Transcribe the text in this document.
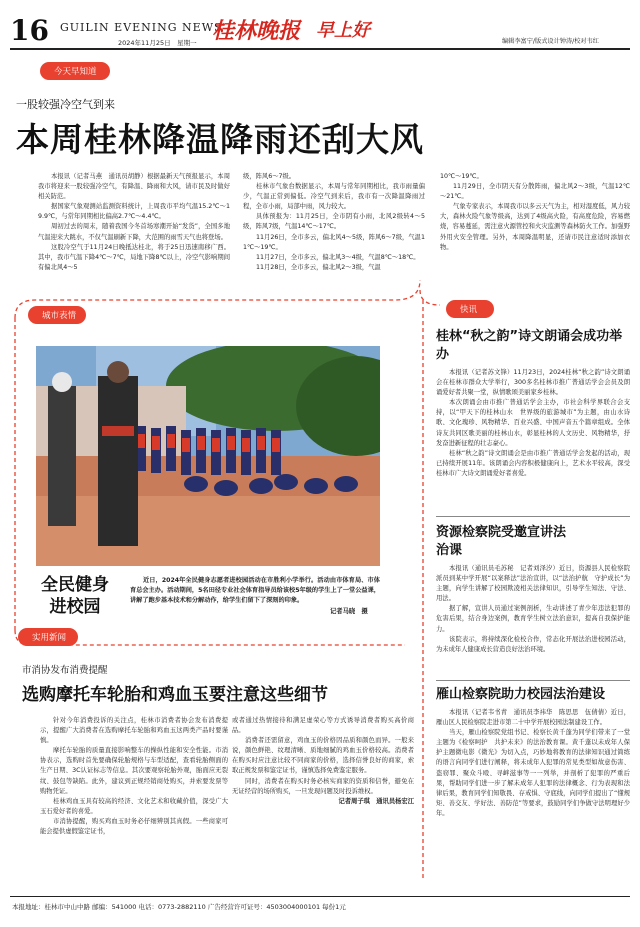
16 GUILIN EVENING NEWS
2024年11月25日　星期一 桂林晚报 早上好
编辑李富宁/版式设计钟涛/校对韦红
今天早知道
一股较强冷空气到来
本周桂林降温降雨还刮大风
本报讯（记者马燕　通讯员胡静）根据最新天气预报显示，本周我市将迎来一股较强冷空气，有降温、降雨和大风，请市民及时做好相关防范。
据国家气象观测站监测资料统计，上周我市平均气温15.2℃～19.9℃，与常年同期相比偏高2.7℃～4.4℃。
周初过去的周末，随着我国今冬首场寒潮开始“发货”，全国多地气温迎来大跳水，不仅气温刷新下降，大范围的雨雪天气也将登场。
这股冷空气于11月24日晚抵达桂北，将于25日迅速南移广西。其中，我市气温下降4℃～7℃，局地下降8℃以上，冷空气影响期间有偏北风4～5
级，阵风6～7级。
桂林市气象台数据显示，本周与常年同期相比，我市雨量偏少，气温正常到偏低。冷空气到来后，我市有一次降温降雨过程，全市小雨，局部中雨，风力较大。
具体预报为：11月25日，全市阴有小雨，北风2级转4～5级，阵风7级，气温14℃～17℃。
11月26日，全市多云，偏北风4～5级，阵风6～7级，气温11℃～19℃。
11月27日，全市多云，偏北风3～4级，气温8℃～18℃。
11月28日，全市多云，偏北风2～3级，气温
10℃～19℃。
11月29日，全市阴天有分散阵雨，偏北风2～3级，气温12℃～21℃。
气象专家表示，本周我市以多云天气为主，相对湿度低，风力较大，森林火险气象等级高，达到了4级高火险，有高度危险，容易燃烧，容易蔓延，需注意火源管控和火灾监测等森林防火工作。加强野外用火安全管理。另外，本周降温明显，还请市民注意适时添加衣物。
城市表情
全民健身进校园
近日，2024年全民健身志愿者进校园活动在市胜利小学举行。活动由市体育局、市体育总会主办。活动期间，5名田径专业社会体育指导员给该校5年级的学生上了一堂公益课，讲解了跑步基本技术和分解动作，给学生们留下了深刻的印象。
记者马晓　摄
快讯
桂林“秋之韵”诗文朗诵会成功举办
本报讯（记者苏文锋）11月23日，2024桂林“秋之韵”诗文朗诵会在桂林市群众大学举行，300多名桂林市推广普通话学会会员及朗诵爱好者共聚一堂，纵情歌颂美丽家乡桂林。
本次朗诵会由市推广普通话学会主办，市社会科学界联合会支持，以“甲天下的桂林山水　世界级的旅游城市”为主题，由山水诗歌、文化瑰珍、风物精华、百业兴盛、中国声音五个篇章组成。全体诗友共同区歌美丽的桂林山水，彰显桂林的人文历史、风物精华，抒发奋进新征程的壮志豪心。
桂林“秋之韵”诗文朗诵会是由市推广普通话学会发起的活动，现已持续开展11年。该朗诵会内容积极健康向上，艺术水平较高，深受桂林市广大诗文朗诵爱好者喜爱。
资源检察院受邀宣讲法治课
本报讯（通讯员毛苏秘　记者刘泽汐）近日，资源县人民检察院派员到某中学开展“以案释法”法治宣讲，以“法治护航　守护成长”为主题，向学生讲解了校园欺凌相关法律知识，引导学生知法、守法、用法。
据了解，宣讲人员通过案例剖析，生动讲述了青少年违法犯罪的危害后果，结合身边案例，教育学生树立法治意识，提高自我保护能力。
该院表示，将持续深化检校合作，常态化开展法治进校园活动，为未成年人健康成长营造良好法治环境。
雁山检察院助力校园法治建设
本报讯（记者韦书青　通讯员李祎华　陈思思　伍倩倩）近日，雁山区人民检察院走进市第二十中学开展校园法制建设工作。
当天，雁山检察院党组书记、检察长黄千蓬为同学们带来了一堂主题为《检察呵护　共护未来》的法治教育课。黄千蓬以未成年人保护主题微电影《微光》为切入点，巧妙地将教育的法律知识通过简练的语言向同学们进行阐释，将未成年人犯罪的常见类型如故意伤害、盗窃罪、聚众斗殴、寻衅滋事等一一列举，并剖析了犯罪的严重后果，帮助同学们进一步了解未成年人犯罪的法律概念、行为表现和法律后果，教育同学们知敬畏、存戒惧、守底线，向同学们提出了“懂规矩、善交友、学好法、善防范”等要求，鼓励同学们争做守法明理好少年。
实用新闻
市消协发布消费提醒
选购摩托车轮胎和鸡血玉要注意这些细节
针对今年消费投诉的关注点，桂林市消费者协会发布消费提示，提醒广大消费者在选购摩托车轮胎和鸡血玉这两类产品时要谨慎。
摩托车轮胎的质量直接影响整车的操纵性能和安全性能。市消协表示，选购时首先要确保轮胎规格与车型适配，查看轮胎侧面的生产日期、3C认证标志等信息。其次要观察轮胎外观，胎面应无裂纹、鼓包等缺陷。此外，建议到正规经销商处购买，并索要发票等购物凭证。
桂林鸡血玉具有较高的经济、文化艺术和收藏价值，深受广大玉石爱好者的喜爱。
市消协提醒，购买鸡血玉时务必仔细辨别其真假。一些商家可能会提供虚假鉴定证书，
或者通过热情接待和满足虚荣心等方式诱导消费者购买高价商品。
消费者还需留意，鸡血玉的价格因品质和颜色而异。一般来说，颜色鲜艳、纹理清晰、质地细腻的鸡血玉价格较高。消费者在购买时应注意比较不同商家的价格，选择信誉良好的商家，索取正规发票和鉴定证书，谨慎选择免费鉴定服务。
同时，消费者在购买时务必核实商家的资质和信誉，避免在无证经营的场所购买，一旦发现问题及时投诉维权。
记者周子琪　通讯员杨宏江
本报地址：桂林市中山中路 邮编：541000 电话：0773-2882110 广告经营许可证号：4503004000101 每份1元
